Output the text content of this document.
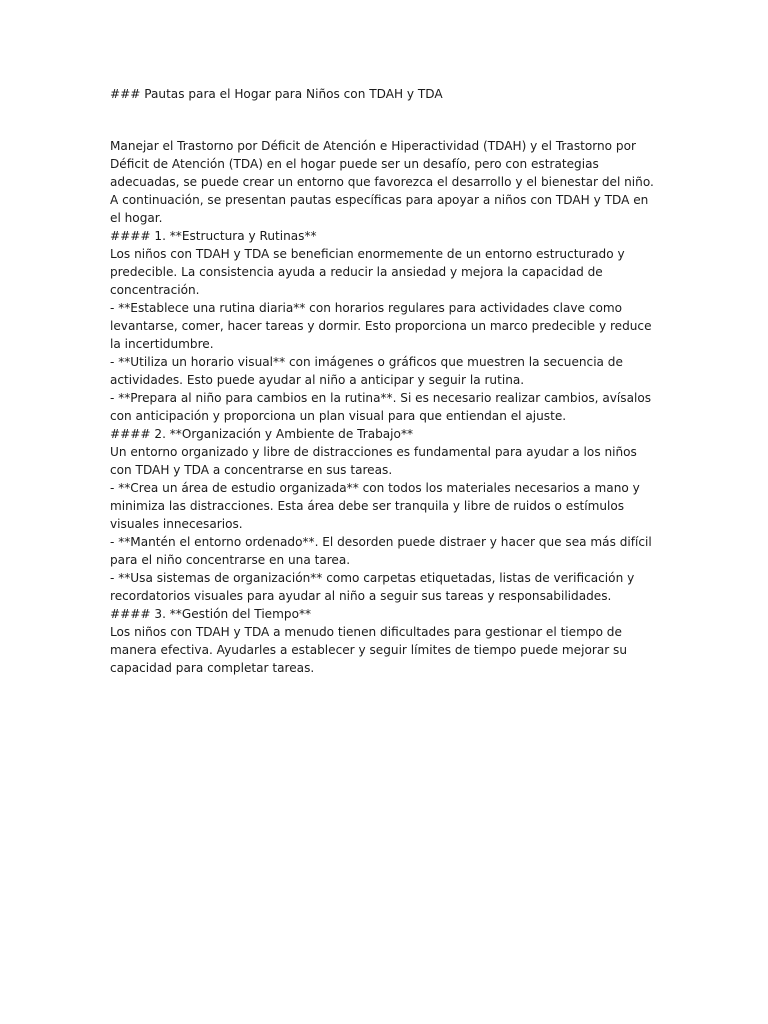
### Pautas para el Hogar para Niños con TDAH y TDA

Manejar el Trastorno por Déficit de Atención e Hiperactividad (TDAH) y el Trastorno por Déficit de Atención (TDA) en el hogar puede ser un desafío, pero con estrategias adecuadas, se puede crear un entorno que favorezca el desarrollo y el bienestar del niño. A continuación, se presentan pautas específicas para apoyar a niños con TDAH y TDA en el hogar.

#### 1. **Estructura y Rutinas**

Los niños con TDAH y TDA se benefician enormemente de un entorno estructurado y predecible. La consistencia ayuda a reducir la ansiedad y mejora la capacidad de concentración.

- **Establece una rutina diaria** con horarios regulares para actividades clave como levantarse, comer, hacer tareas y dormir. Esto proporciona un marco predecible y reduce la incertidumbre.

- **Utiliza un horario visual** con imágenes o gráficos que muestren la secuencia de actividades. Esto puede ayudar al niño a anticipar y seguir la rutina.

- **Prepara al niño para cambios en la rutina**. Si es necesario realizar cambios, avísalos con anticipación y proporciona un plan visual para que entiendan el ajuste.

#### 2. **Organización y Ambiente de Trabajo**

Un entorno organizado y libre de distracciones es fundamental para ayudar a los niños con TDAH y TDA a concentrarse en sus tareas.

- **Crea un área de estudio organizada** con todos los materiales necesarios a mano y minimiza las distracciones. Esta área debe ser tranquila y libre de ruidos o estímulos visuales innecesarios.

- **Mantén el entorno ordenado**. El desorden puede distraer y hacer que sea más difícil para el niño concentrarse en una tarea.

- **Usa sistemas de organización** como carpetas etiquetadas, listas de verificación y recordatorios visuales para ayudar al niño a seguir sus tareas y responsabilidades.

#### 3. **Gestión del Tiempo**

Los niños con TDAH y TDA a menudo tienen dificultades para gestionar el tiempo de manera efectiva. Ayudarles a establecer y seguir límites de tiempo puede mejorar su capacidad para completar tareas.
